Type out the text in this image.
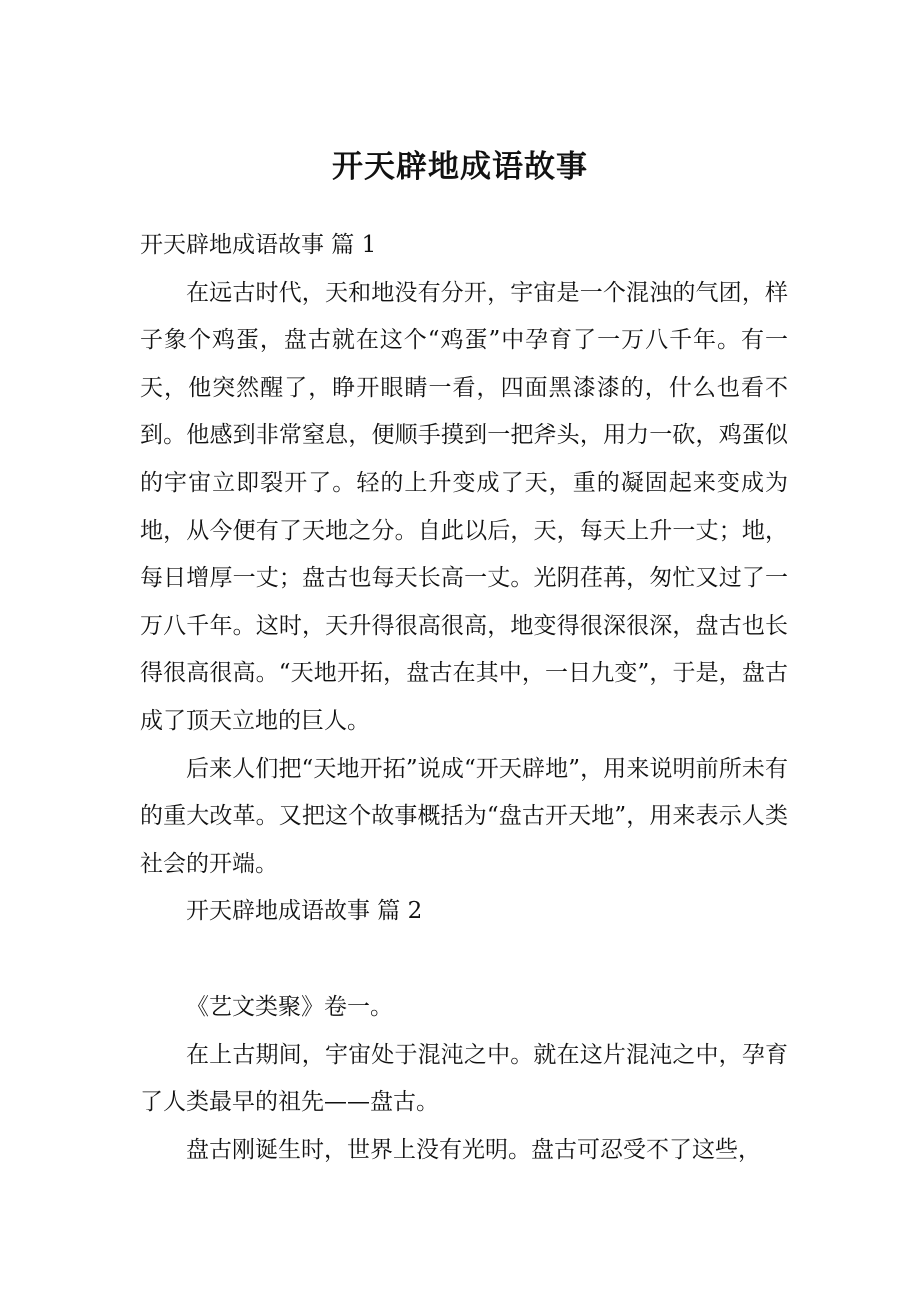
开天辟地成语故事

开天辟地成语故事 篇 1

在远古时代，天和地没有分开，宇宙是一个混浊的气团，样子象个鸡蛋，盘古就在这个“鸡蛋”中孕育了一万八千年。有一天，他突然醒了，睁开眼睛一看，四面黑漆漆的，什么也看不到。他感到非常窒息，便顺手摸到一把斧头，用力一砍，鸡蛋似的宇宙立即裂开了。轻的上升变成了天，重的凝固起来变成为地，从今便有了天地之分。自此以后，天，每天上升一丈；地，每日增厚一丈；盘古也每天长高一丈。光阴荏苒，匆忙又过了一万八千年。这时，天升得很高很高，地变得很深很深，盘古也长得很高很高。“天地开拓，盘古在其中，一日九变”，于是，盘古成了顶天立地的巨人。

后来人们把“天地开拓”说成“开天辟地”，用来说明前所未有的重大改革。又把这个故事概括为“盘古开天地”，用来表示人类社会的开端。

开天辟地成语故事 篇 2

《艺文类聚》卷一。

在上古期间，宇宙处于混沌之中。就在这片混沌之中，孕育了人类最早的祖先——盘古。

盘古刚诞生时，世界上没有光明。盘古可忍受不了这些，
